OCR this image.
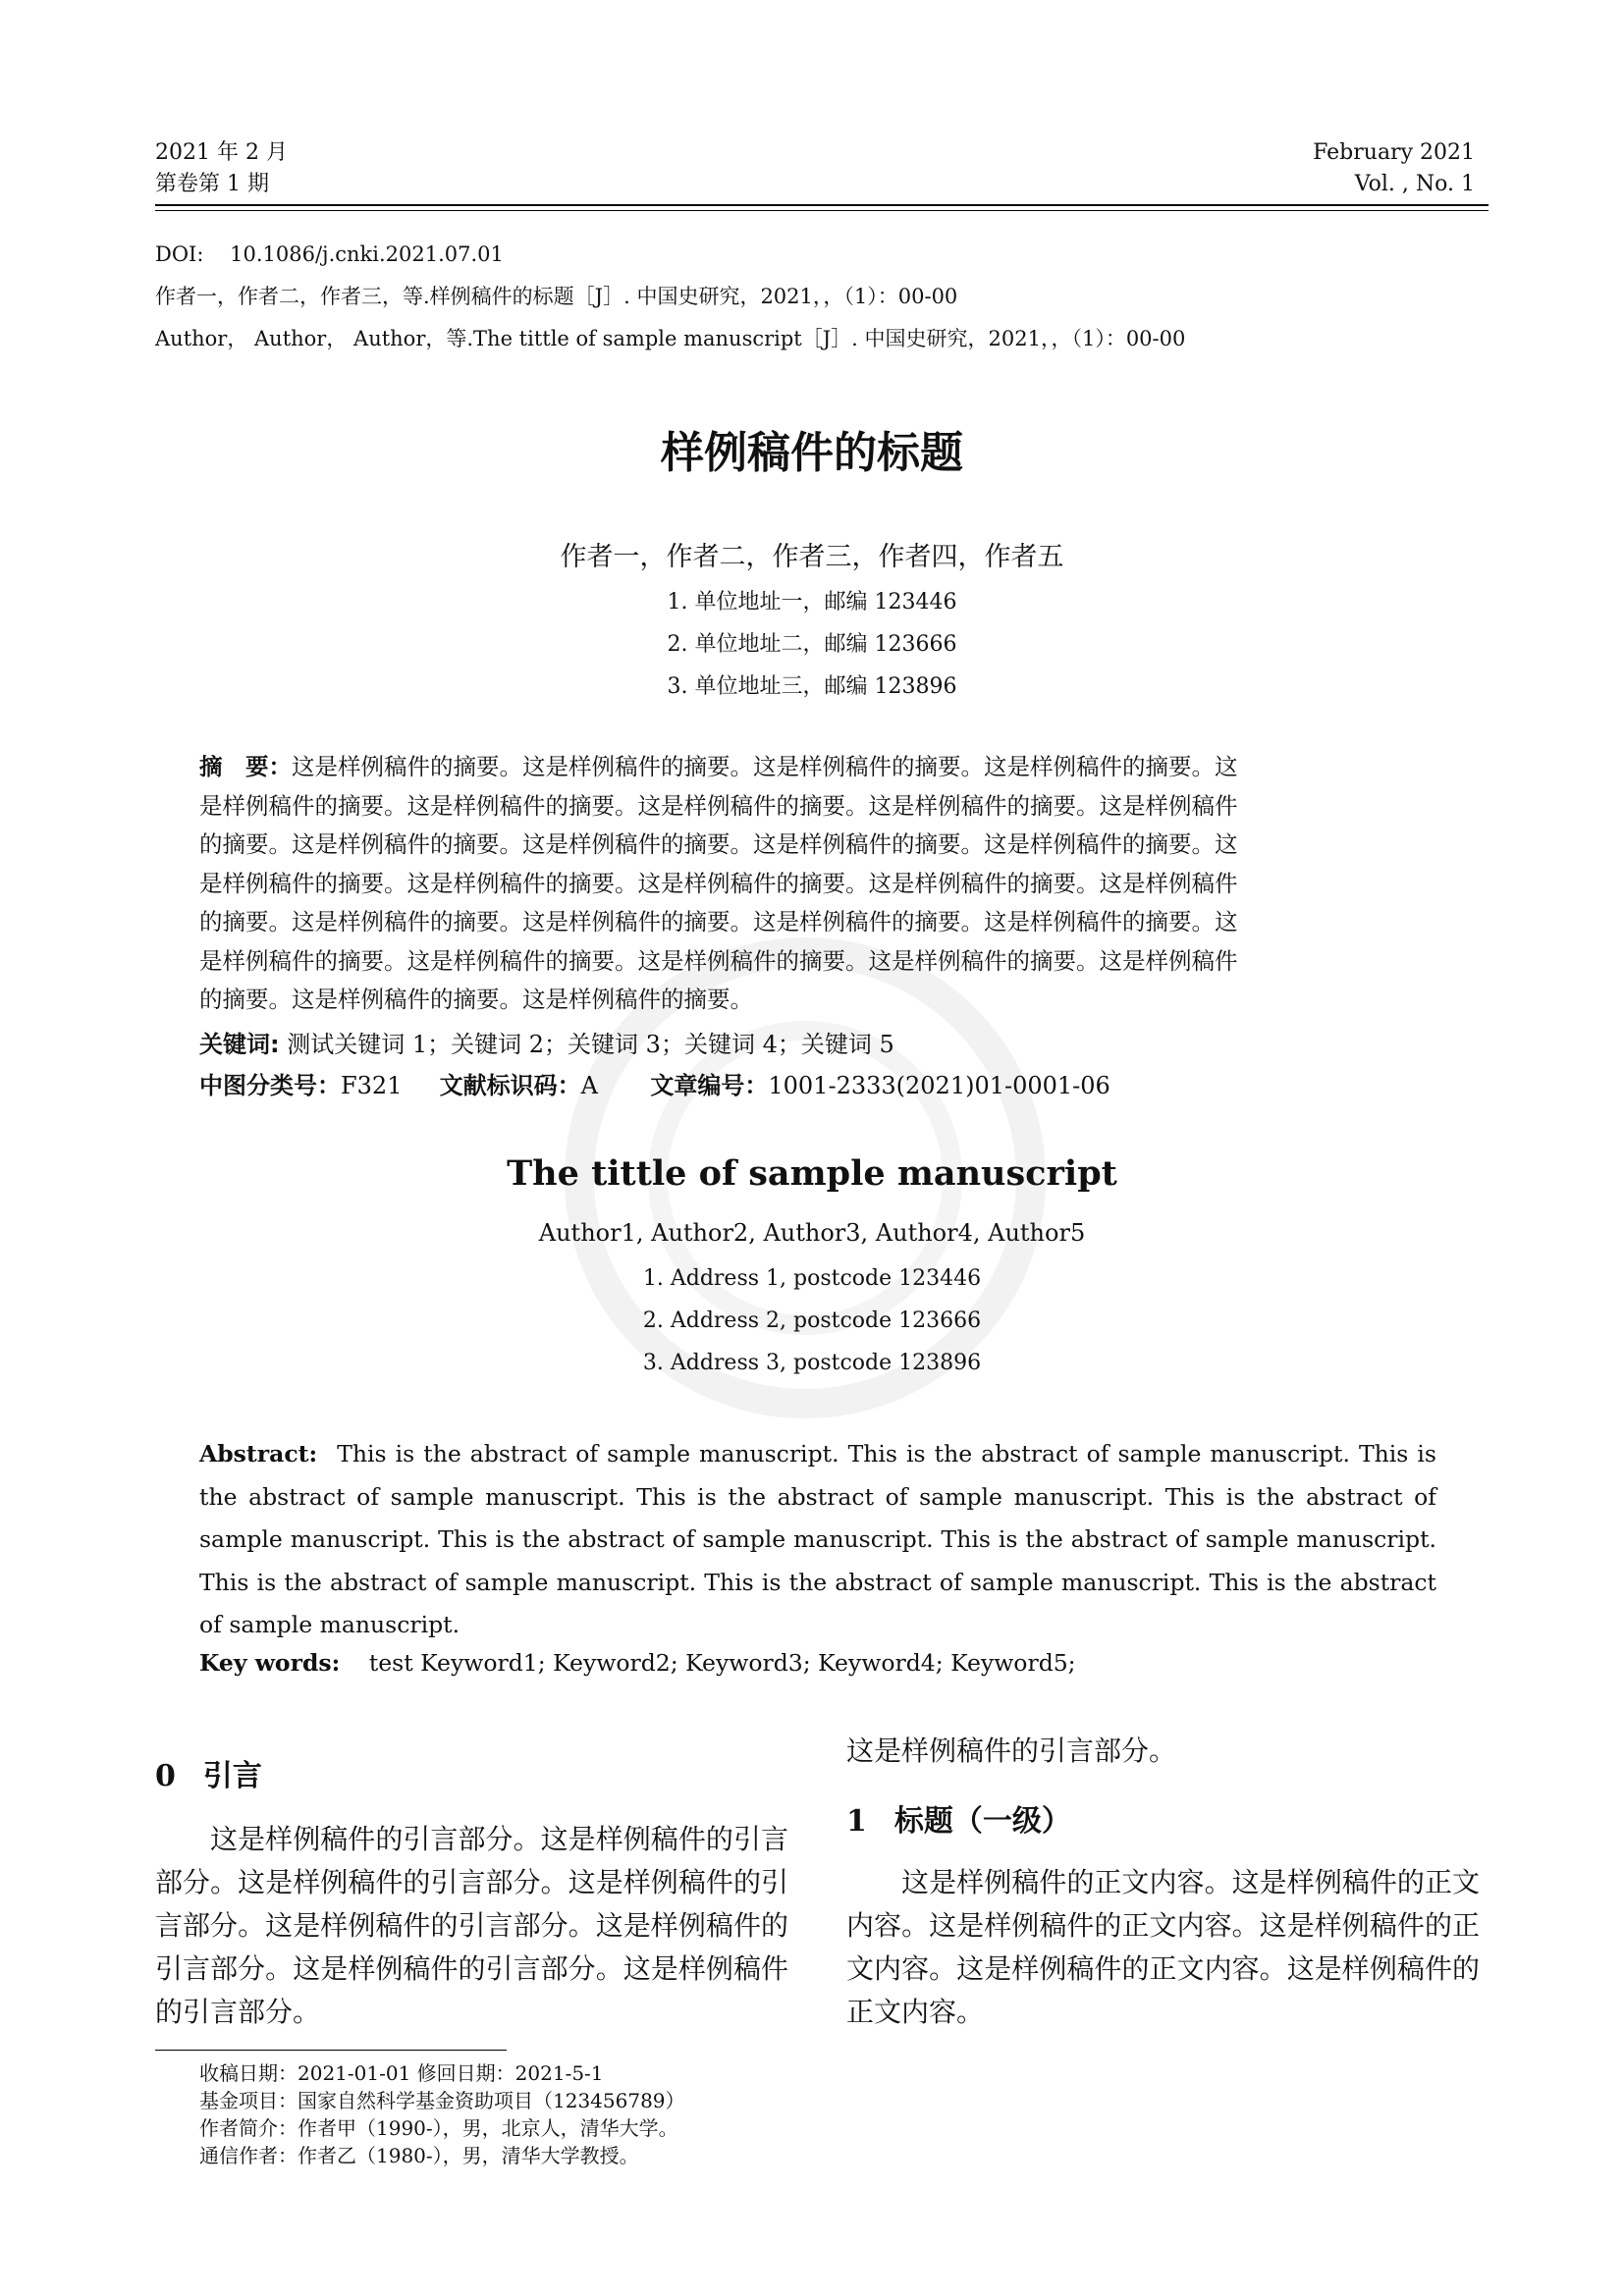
2021 年 2 月
第卷第 1 期
February 2021
Vol. , No. 1
DOI: 10.1086/j.cnki.2021.07.01
作者一，作者二，作者三，等.样例稿件的标题［J］. 中国史研究，2021，，（1）：00-00
Author， Author， Author，等.The tittle of sample manuscript［J］. 中国史研究，2021，，（1）：00-00
样例稿件的标题
作者一，作者二，作者三，作者四，作者五
1. 单位地址一，邮编 123446
2. 单位地址二，邮编 123666
3. 单位地址三，邮编 123896
摘　要：这是样例稿件的摘要。这是样例稿件的摘要。这是样例稿件的摘要。这是样例稿件的摘要。这
是样例稿件的摘要。这是样例稿件的摘要。这是样例稿件的摘要。这是样例稿件的摘要。这是样例稿件
的摘要。这是样例稿件的摘要。这是样例稿件的摘要。这是样例稿件的摘要。这是样例稿件的摘要。这
是样例稿件的摘要。这是样例稿件的摘要。这是样例稿件的摘要。这是样例稿件的摘要。这是样例稿件
的摘要。这是样例稿件的摘要。这是样例稿件的摘要。这是样例稿件的摘要。这是样例稿件的摘要。这
是样例稿件的摘要。这是样例稿件的摘要。这是样例稿件的摘要。这是样例稿件的摘要。这是样例稿件
的摘要。这是样例稿件的摘要。这是样例稿件的摘要。
关键词: 测试关键词 1；关键词 2；关键词 3；关键词 4；关键词 5
中图分类号：F321 文献标识码：A 文章编号：1001-2333(2021)01-0001-06
The tittle of sample manuscript
Author1, Author2, Author3, Author4, Author5
1. Address 1, postcode 123446
2. Address 2, postcode 123666
3. Address 3, postcode 123896
Abstract: This is the abstract of sample manuscript. This is the abstract of sample manuscript. This is the abstract of sample manuscript. This is the abstract of sample manuscript. This is the abstract of sample manuscript. This is the abstract of sample manuscript. This is the abstract of sample manuscript. This is the abstract of sample manuscript. This is the abstract of sample manuscript. This is the abstract of sample manuscript.
Key words: test Keyword1; Keyword2; Keyword3; Keyword4; Keyword5;
0 引言
这是样例稿件的引言部分。这是样例稿件的引言部分。这是样例稿件的引言部分。这是样例稿件的引言部分。这是样例稿件的引言部分。这是样例稿件的引言部分。这是样例稿件的引言部分。这是样例稿件的引言部分。
这是样例稿件的引言部分。
1 标题（一级）
这是样例稿件的正文内容。这是样例稿件的正文内容。这是样例稿件的正文内容。这是样例稿件的正文内容。这是样例稿件的正文内容。这是样例稿件的正文内容。
收稿日期：2021-01-01 修回日期：2021-5-1
基金项目：国家自然科学基金资助项目（123456789）
作者简介：作者甲（1990-），男，北京人，清华大学。
通信作者：作者乙（1980-），男，清华大学教授。
